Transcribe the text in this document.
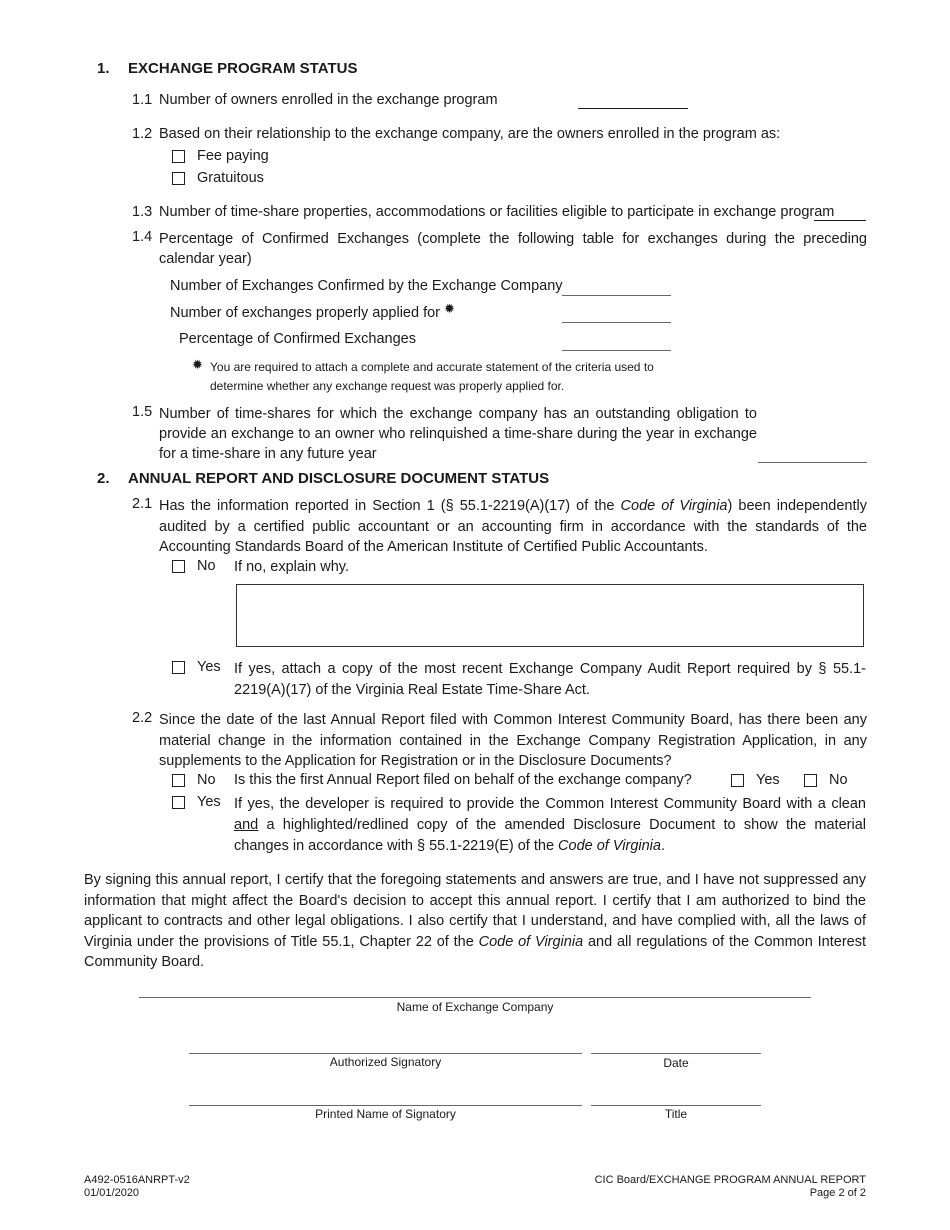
1. EXCHANGE PROGRAM STATUS
1.1 Number of owners enrolled in the exchange program
1.2 Based on their relationship to the exchange company, are the owners enrolled in the program as:
Fee paying
Gratuitous
1.3 Number of time-share properties, accommodations or facilities eligible to participate in exchange program
1.4 Percentage of Confirmed Exchanges (complete the following table for exchanges during the preceding calendar year)
Number of Exchanges Confirmed by the Exchange Company
Number of exchanges properly applied for ✹
Percentage of Confirmed Exchanges
✹ You are required to attach a complete and accurate statement of the criteria used to determine whether any exchange request was properly applied for.
1.5 Number of time-shares for which the exchange company has an outstanding obligation to provide an exchange to an owner who relinquished a time-share during the year in exchange for a time-share in any future year
2. ANNUAL REPORT AND DISCLOSURE DOCUMENT STATUS
2.1 Has the information reported in Section 1 (§ 55.1-2219(A)(17) of the Code of Virginia) been independently audited by a certified public accountant or an accounting firm in accordance with the standards of the Accounting Standards Board of the American Institute of Certified Public Accountants.
No If no, explain why.
Yes If yes, attach a copy of the most recent Exchange Company Audit Report required by § 55.1-2219(A)(17) of the Virginia Real Estate Time-Share Act.
2.2 Since the date of the last Annual Report filed with Common Interest Community Board, has there been any material change in the information contained in the Exchange Company Registration Application, in any supplements to the Application for Registration or in the Disclosure Documents?
No Is this the first Annual Report filed on behalf of the exchange company?	Yes	No
Yes If yes, the developer is required to provide the Common Interest Community Board with a clean and a highlighted/redlined copy of the amended Disclosure Document to show the material changes in accordance with § 55.1-2219(E) of the Code of Virginia.
By signing this annual report, I certify that the foregoing statements and answers are true, and I have not suppressed any information that might affect the Board's decision to accept this annual report. I certify that I am authorized to bind the applicant to contracts and other legal obligations. I also certify that I understand, and have complied with, all the laws of Virginia under the provisions of Title 55.1, Chapter 22 of the Code of Virginia and all regulations of the Common Interest Community Board.
Name of Exchange Company
Authorized Signatory	Date
Printed Name of Signatory	Title
A492-0516ANRPT-v2
01/01/2020
CIC Board/EXCHANGE PROGRAM ANNUAL REPORT
Page 2 of 2
